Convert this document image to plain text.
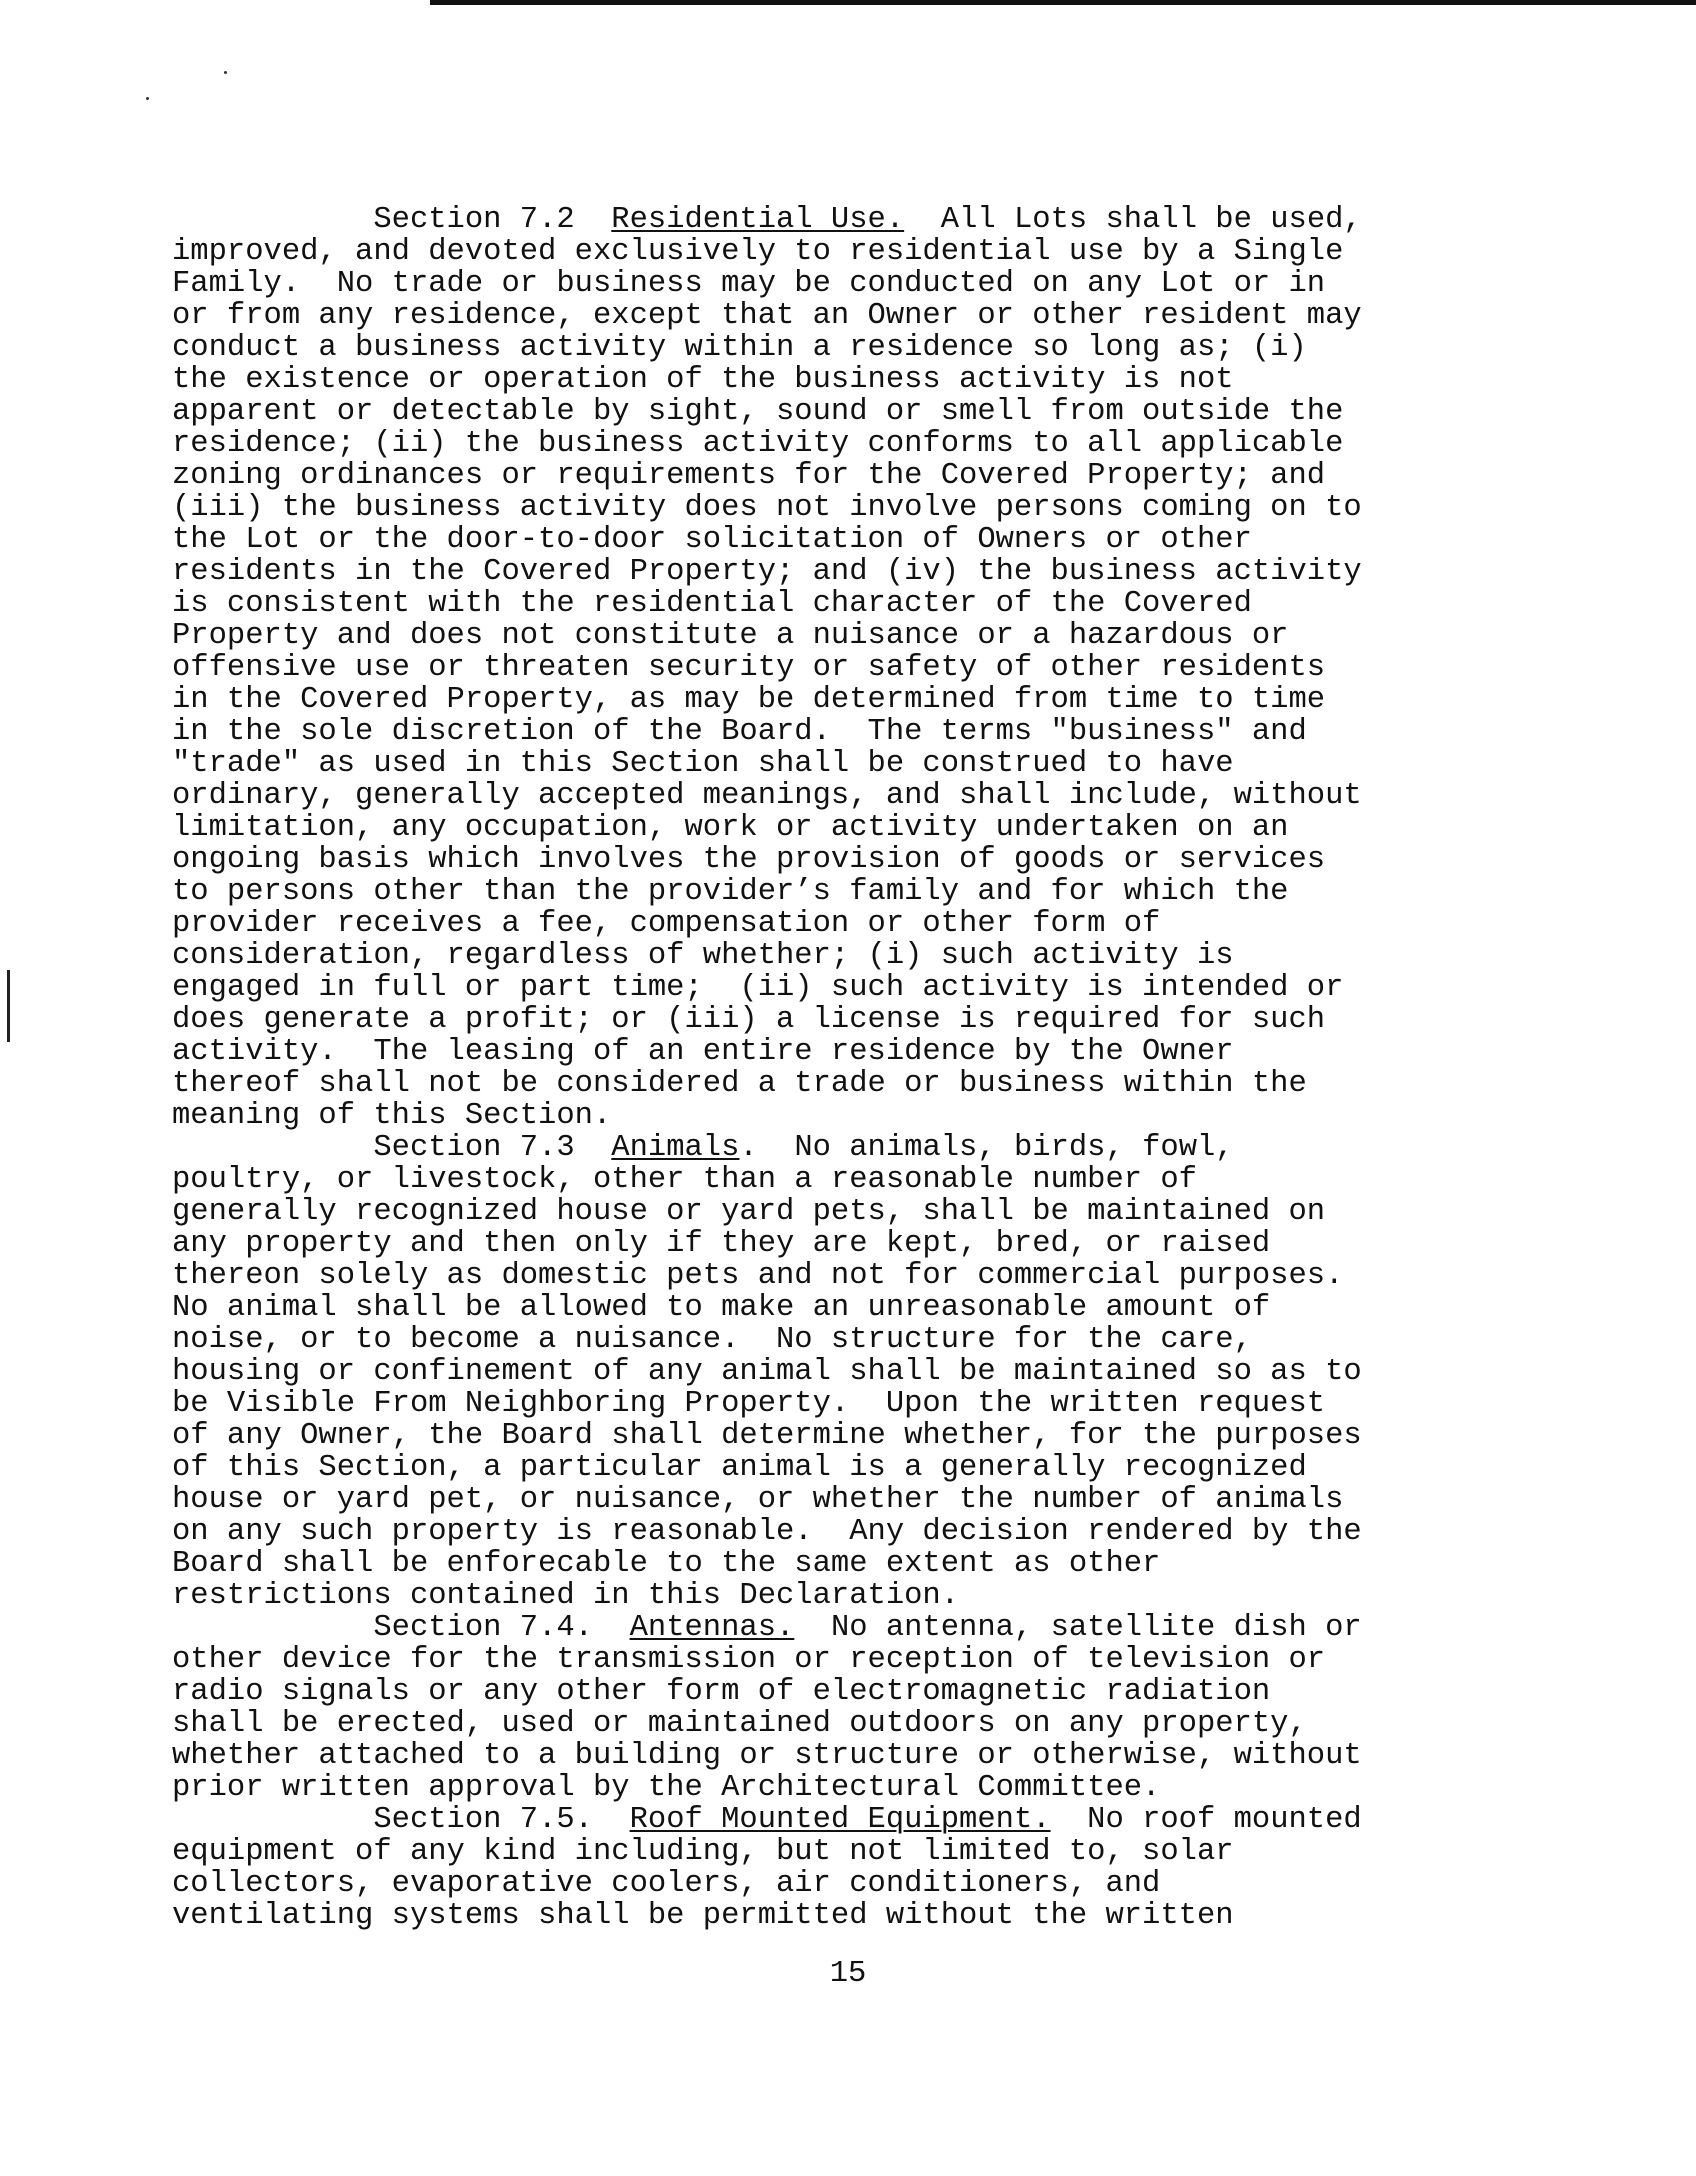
Section 7.2 Residential Use. All Lots shall be used,
improved, and devoted exclusively to residential use by a Single
Family.  No trade or business may be conducted on any Lot or in
or from any residence, except that an Owner or other resident may
conduct a business activity within a residence so long as; (i)
the existence or operation of the business activity is not
apparent or detectable by sight, sound or smell from outside the
residence; (ii) the business activity conforms to all applicable
zoning ordinances or requirements for the Covered Property; and
(iii) the business activity does not involve persons coming on to
the Lot or the door-to-door solicitation of Owners or other
residents in the Covered Property; and (iv) the business activity
is consistent with the residential character of the Covered
Property and does not constitute a nuisance or a hazardous or
offensive use or threaten security or safety of other residents
in the Covered Property, as may be determined from time to time
in the sole discretion of the Board.  The terms "business" and
"trade" as used in this Section shall be construed to have
ordinary, generally accepted meanings, and shall include, without
limitation, any occupation, work or activity undertaken on an
ongoing basis which involves the provision of goods or services
to persons other than the provider’s family and for which the
provider receives a fee, compensation or other form of
consideration, regardless of whether; (i) such activity is
engaged in full or part time;  (ii) such activity is intended or
does generate a profit; or (iii) a license is required for such
activity.  The leasing of an entire residence by the Owner
thereof shall not be considered a trade or business within the
meaning of this Section.
Section 7.3 Animals.  No animals, birds, fowl,
poultry, or livestock, other than a reasonable number of
generally recognized house or yard pets, shall be maintained on
any property and then only if they are kept, bred, or raised
thereon solely as domestic pets and not for commercial purposes.
No animal shall be allowed to make an unreasonable amount of
noise, or to become a nuisance.  No structure for the care,
housing or confinement of any animal shall be maintained so as to
be Visible From Neighboring Property.  Upon the written request
of any Owner, the Board shall determine whether, for the purposes
of this Section, a particular animal is a generally recognized
house or yard pet, or nuisance, or whether the number of animals
on any such property is reasonable.  Any decision rendered by the
Board shall be enforecable to the same extent as other
restrictions contained in this Declaration.
Section 7.4. Antennas. No antenna, satellite dish or
other device for the transmission or reception of television or
radio signals or any other form of electromagnetic radiation
shall be erected, used or maintained outdoors on any property,
whether attached to a building or structure or otherwise, without
prior written approval by the Architectural Committee.
Section 7.5. Roof Mounted Equipment. No roof mounted
equipment of any kind including, but not limited to, solar
collectors, evaporative coolers, air conditioners, and
ventilating systems shall be permitted without the written
15
